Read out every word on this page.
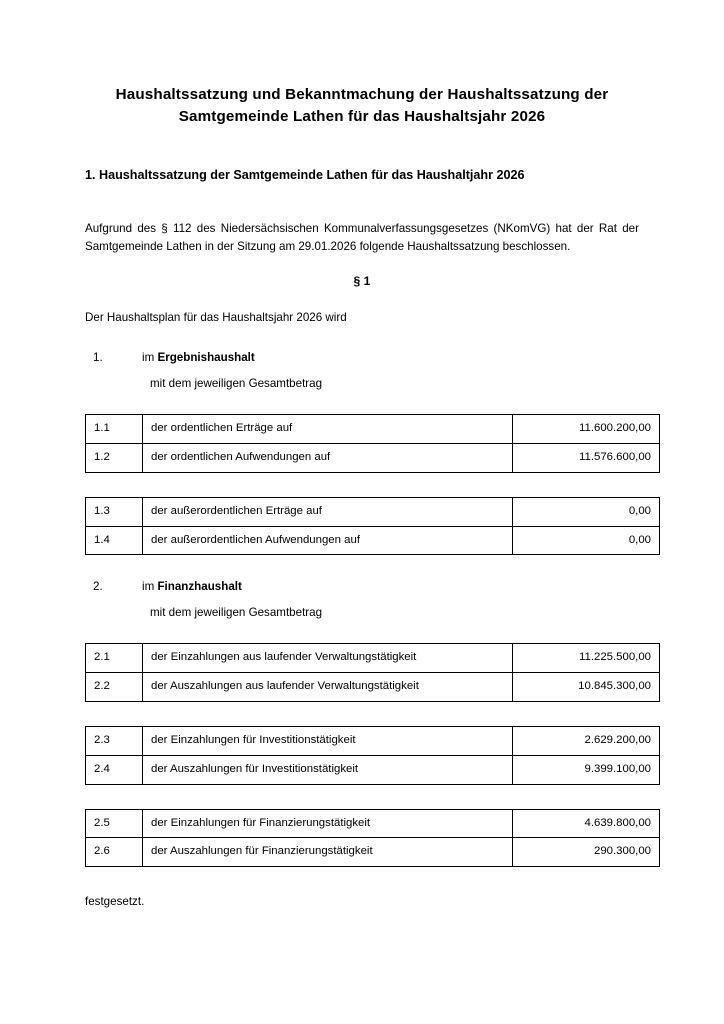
Haushaltssatzung und Bekanntmachung der Haushaltssatzung der
Samtgemeinde Lathen für das Haushaltsjahr 2026
1. Haushaltssatzung der Samtgemeinde Lathen für das Haushaltjahr 2026

Aufgrund des § 112 des Niedersächsischen Kommunalverfassungsgesetzes (NKomVG) hat der Rat der Samtgemeinde Lathen in der Sitzung am 29.01.2026 folgende Haushaltssatzung beschlossen.

§ 1

Der Haushaltsplan für das Haushaltsjahr 2026 wird

1.	im Ergebnishaushalt
mit dem jeweiligen Gesamtbetrag
1.1	der ordentlichen Erträge auf	11.600.200,00
1.2	der ordentlichen Aufwendungen auf	11.576.600,00
1.3	der außerordentlichen Erträge auf	0,00
1.4	der außerordentlichen Aufwendungen auf	0,00
2.	im Finanzhaushalt
mit dem jeweiligen Gesamtbetrag
2.1	der Einzahlungen aus laufender Verwaltungstätigkeit	11.225.500,00
2.2	der Auszahlungen aus laufender Verwaltungstätigkeit	10.845.300,00
2.3	der Einzahlungen für Investitionstätigkeit	2.629.200,00
2.4	der Auszahlungen für Investitionstätigkeit	9.399.100,00
2.5	der Einzahlungen für Finanzierungstätigkeit	4.639.800,00
2.6	der Auszahlungen für Finanzierungstätigkeit	290.300,00

festgesetzt.
